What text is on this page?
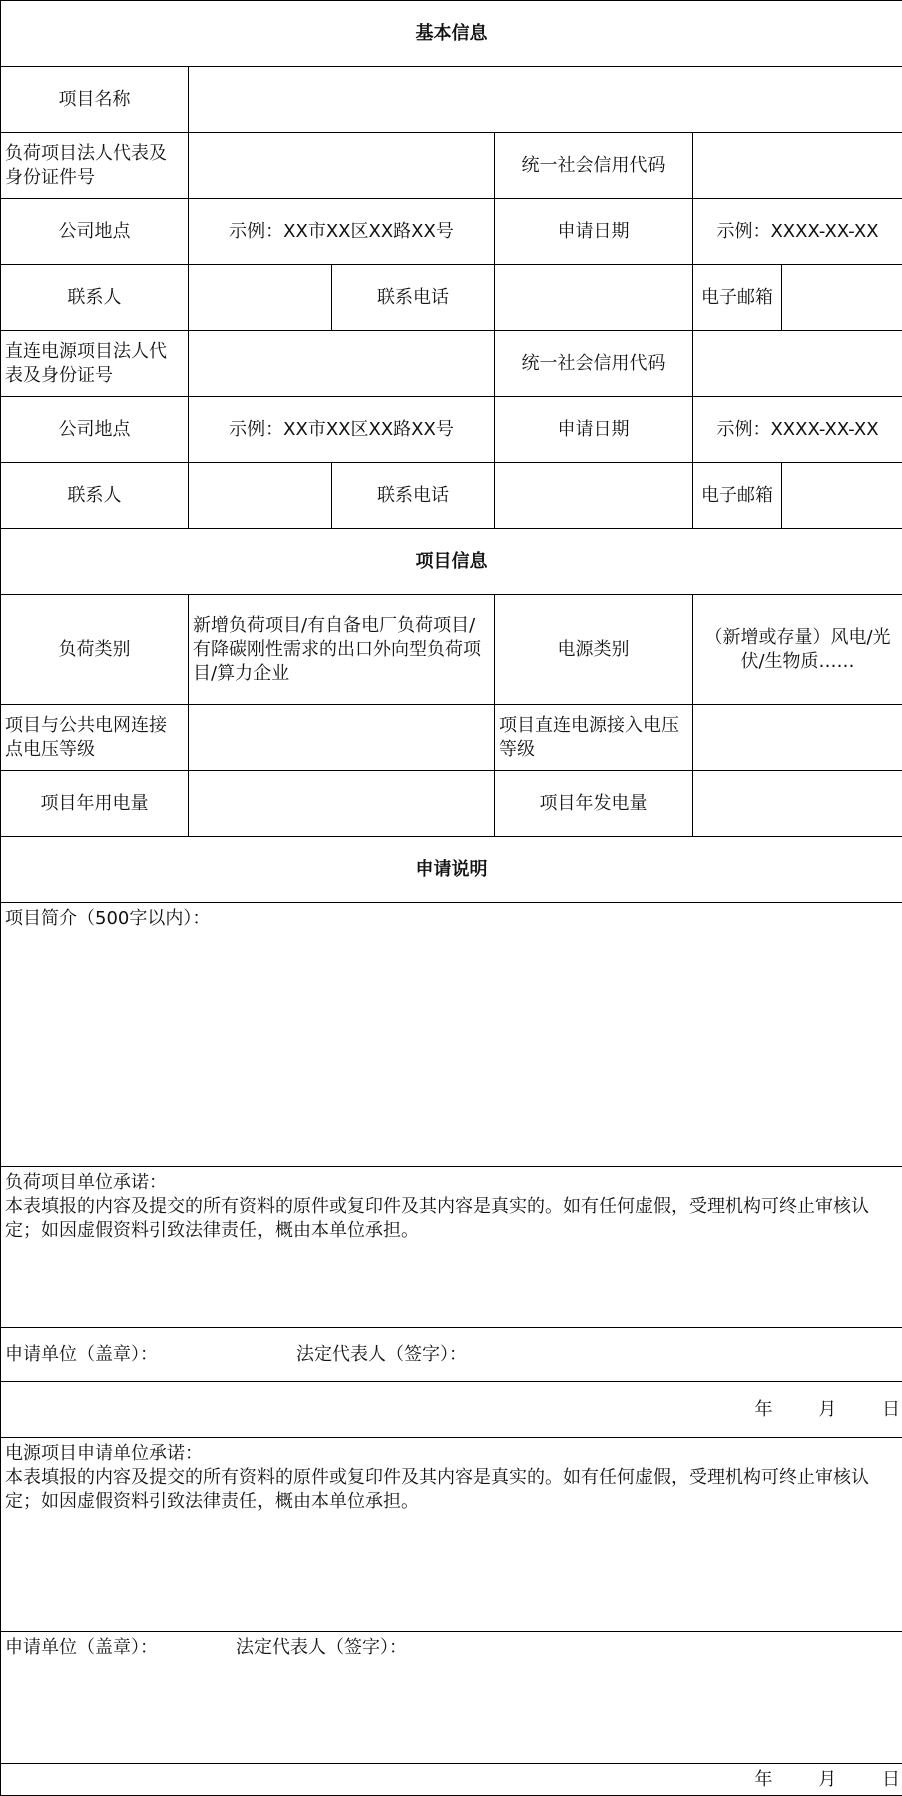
基本信息					
项目名称					
负荷项目法人代表及身份证件号			统一社会信用代码		
公司地点	示例：XX市XX区XX路XX号		申请日期	示例：XXXX-XX-XX	
联系人		联系电话		电子邮箱	
直连电源项目法人代表及身份证号			统一社会信用代码		
公司地点	示例：XX市XX区XX路XX号		申请日期	示例：XXXX-XX-XX	
联系人		联系电话		电子邮箱	
项目信息					
负荷类别	新增负荷项目/有自备电厂负荷项目/有降碳刚性需求的出口外向型负荷项目/算力企业		电源类别	（新增或存量）风电/光伏/生物质……	
项目与公共电网连接点电压等级			项目直连电源接入电压等级		
项目年用电量			项目年发电量		
申请说明					
项目简介（500字以内）：					

负荷项目单位承诺：
本表填报的内容及提交的所有资料的原件或复印件及其内容是真实的。如有任何虚假，受理机构可终止审核认定；如因虚假资料引致法律责任，概由本单位承担。					

申请单位（盖章）： 法定代表人（签字）：					
年 月 日					

电源项目申请单位承诺：
本表填报的内容及提交的所有资料的原件或复印件及其内容是真实的。如有任何虚假，受理机构可终止审核认定；如因虚假资料引致法律责任，概由本单位承担。					

申请单位（盖章）： 法定代表人（签字）：					
年 月 日					
